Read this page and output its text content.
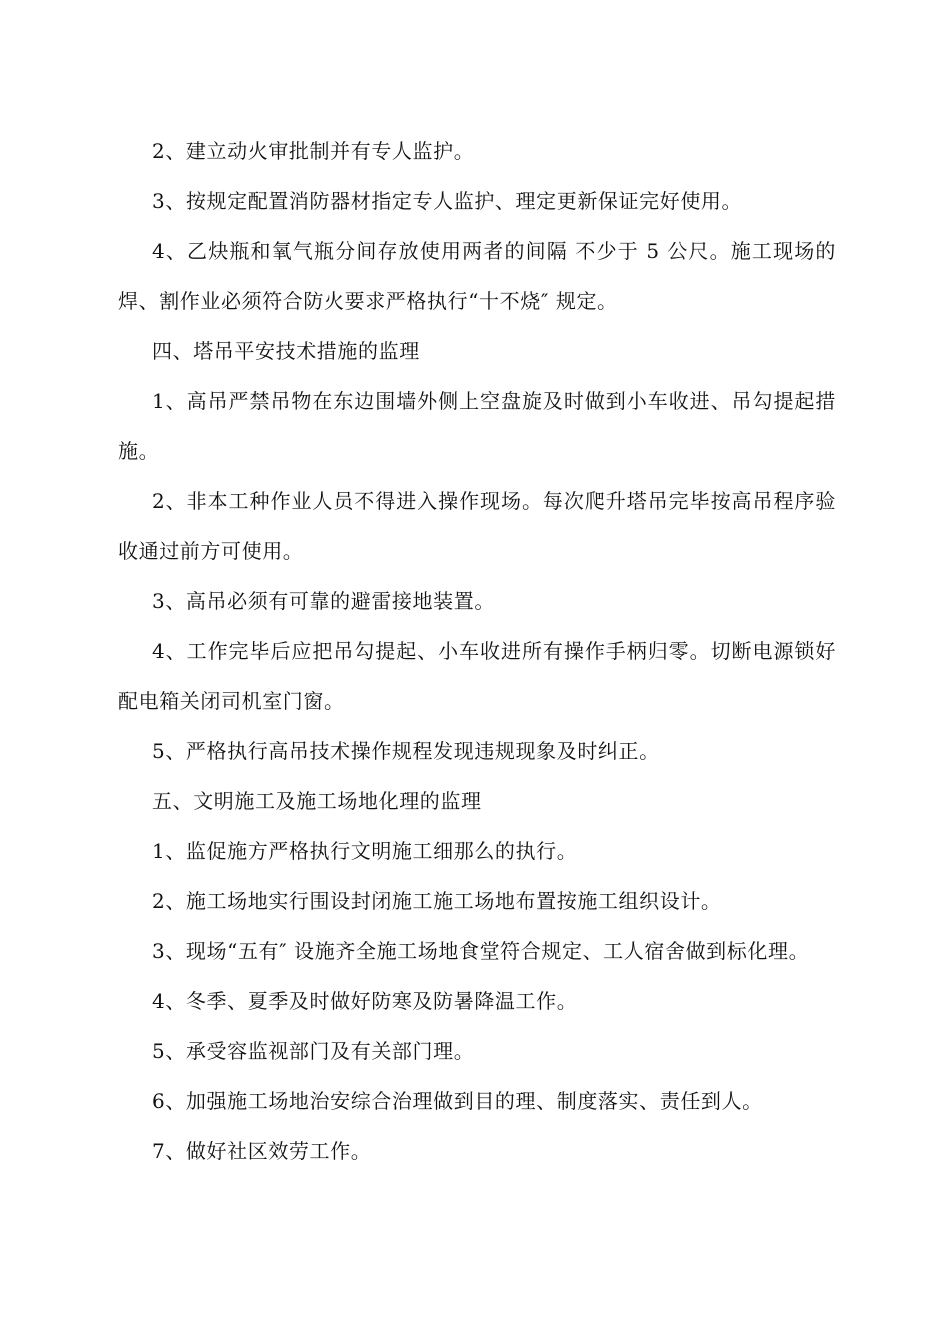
2、建立动火审批制并有专人监护。

3、按规定配置消防器材指定专人监护、理定更新保证完好使用。

4、乙炔瓶和氧气瓶分间存放使用两者的间隔 不少于 5 公尺。施工现场的焊、割作业必须符合防火要求严格执行“十不烧″ 规定。

四、塔吊平安技术措施的监理

1、高吊严禁吊物在东边围墙外侧上空盘旋及时做到小车收进、吊勾提起措施。

2、非本工种作业人员不得进入操作现场。每次爬升塔吊完毕按高吊程序验收通过前方可使用。

3、高吊必须有可靠的避雷接地装置。

4、工作完毕后应把吊勾提起、小车收进所有操作手柄归零。切断电源锁好配电箱关闭司机室门窗。

5、严格执行高吊技术操作规程发现违规现象及时纠正。

五、文明施工及施工场地化理的监理

1、监促施方严格执行文明施工细那么的执行。

2、施工场地实行围设封闭施工施工场地布置按施工组织设计。

3、现场“五有″ 设施齐全施工场地食堂符合规定、工人宿舍做到标化理。

4、冬季、夏季及时做好防寒及防暑降温工作。

5、承受容监视部门及有关部门理。

6、加强施工场地治安综合治理做到目的理、制度落实、责任到人。

7、做好社区效劳工作。
